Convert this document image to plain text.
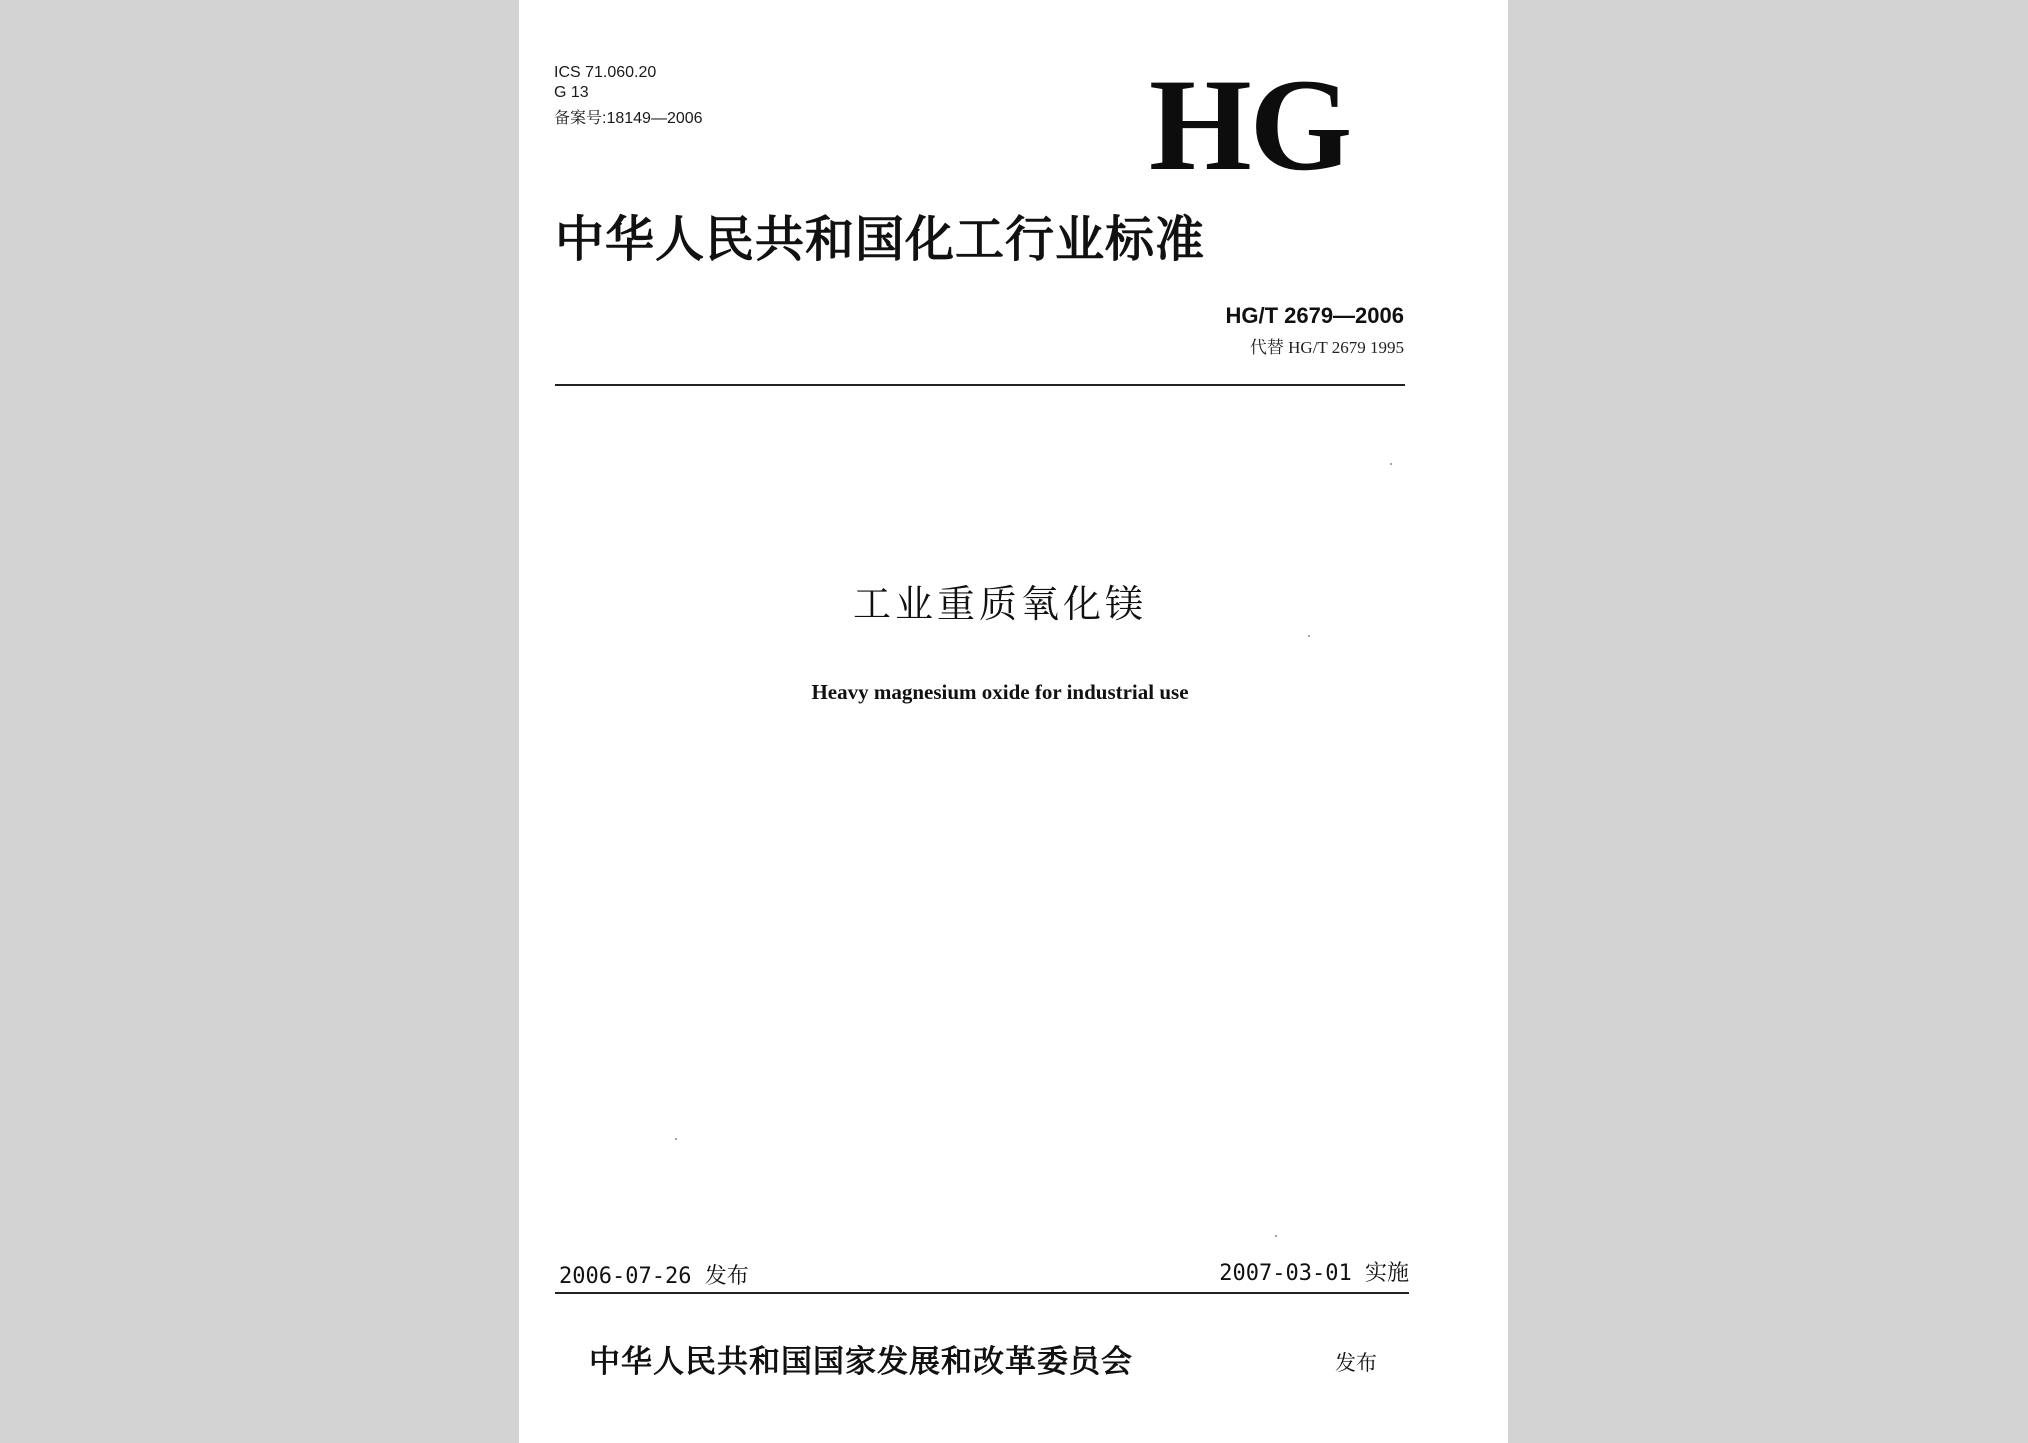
ICS 71.060.20
G 13
备案号:18149—2006	HG
中华人民共和国化工行业标准
HG/T 2679—2006
代替 HG/T 2679 1995
工业重质氧化镁
Heavy magnesium oxide for industrial use
2006-07-26 发布	2007-03-01 实施
中华人民共和国国家发展和改革委员会	发布
